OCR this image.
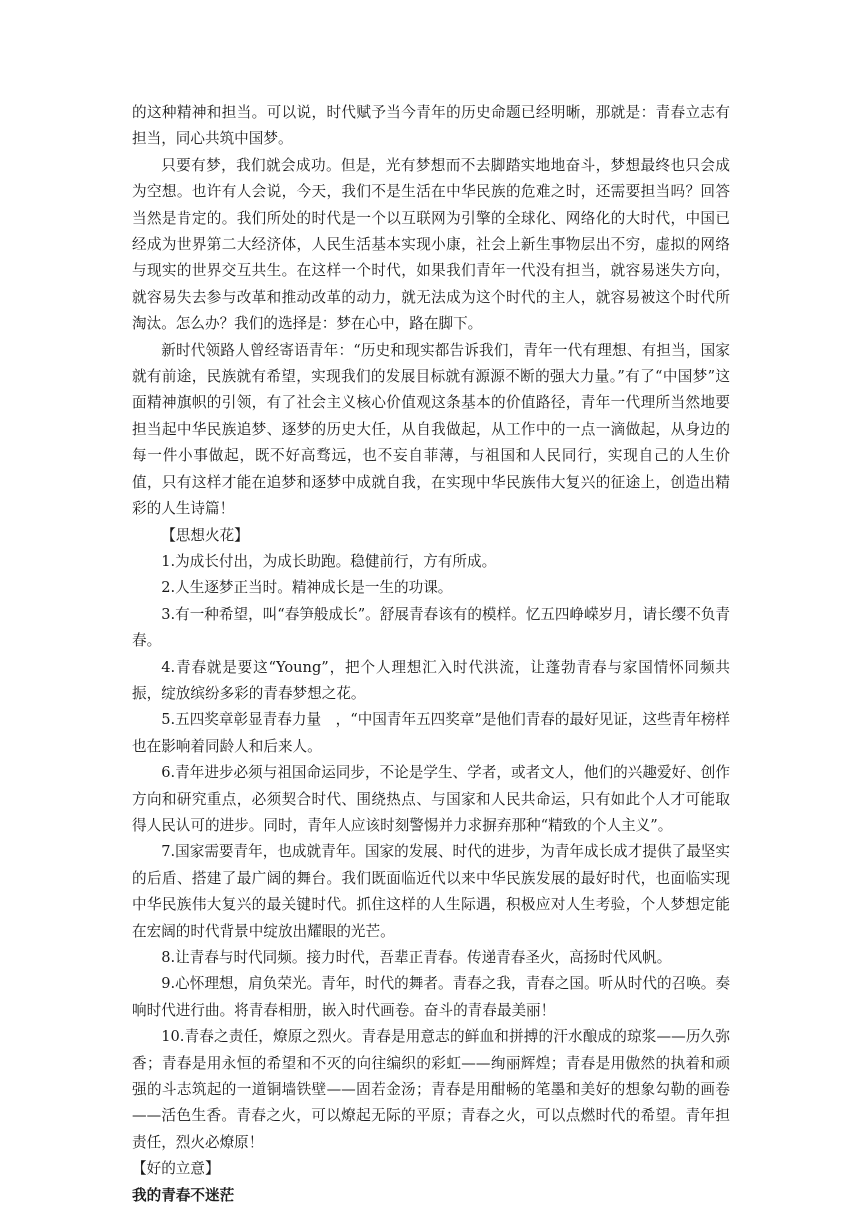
的这种精神和担当。可以说，时代赋予当今青年的历史命题已经明晰，那就是：青春立志有担当，同心共筑中国梦。

只要有梦，我们就会成功。但是，光有梦想而不去脚踏实地地奋斗，梦想最终也只会成为空想。也许有人会说，今天，我们不是生活在中华民族的危难之时，还需要担当吗？回答当然是肯定的。我们所处的时代是一个以互联网为引擎的全球化、网络化的大时代，中国已经成为世界第二大经济体，人民生活基本实现小康，社会上新生事物层出不穷，虚拟的网络与现实的世界交互共生。在这样一个时代，如果我们青年一代没有担当，就容易迷失方向，就容易失去参与改革和推动改革的动力，就无法成为这个时代的主人，就容易被这个时代所淘汰。怎么办？我们的选择是：梦在心中，路在脚下。

新时代领路人曾经寄语青年：“历史和现实都告诉我们，青年一代有理想、有担当，国家就有前途，民族就有希望，实现我们的发展目标就有源源不断的强大力量。”有了“中国梦”这面精神旗帜的引领，有了社会主义核心价值观这条基本的价值路径，青年一代理所当然地要担当起中华民族追梦、逐梦的历史大任，从自我做起，从工作中的一点一滴做起，从身边的每一件小事做起，既不好高骛远，也不妄自菲薄，与祖国和人民同行，实现自己的人生价值，只有这样才能在追梦和逐梦中成就自我，在实现中华民族伟大复兴的征途上，创造出精彩的人生诗篇！

【思想火花】

1.为成长付出，为成长助跑。稳健前行，方有所成。

2.人生逐梦正当时。精神成长是一生的功课。

3.有一种希望，叫“春笋般成长”。舒展青春该有的模样。忆五四峥嵘岁月，请长缨不负青春。

4.青春就是要这“Young”，把个人理想汇入时代洪流，让蓬勃青春与家国情怀同频共振，绽放缤纷多彩的青春梦想之花。

5.五四奖章彰显青春力量　，“中国青年五四奖章”是他们青春的最好见证，这些青年榜样也在影响着同龄人和后来人。

6.青年进步必须与祖国命运同步，不论是学生、学者，或者文人，他们的兴趣爱好、创作方向和研究重点，必须契合时代、围绕热点、与国家和人民共命运，只有如此个人才可能取得人民认可的进步。同时，青年人应该时刻警惕并力求摒弃那种“精致的个人主义”。

7.国家需要青年，也成就青年。国家的发展、时代的进步，为青年成长成才提供了最坚实的后盾、搭建了最广阔的舞台。我们既面临近代以来中华民族发展的最好时代，也面临实现中华民族伟大复兴的最关键时代。抓住这样的人生际遇，积极应对人生考验，个人梦想定能在宏阔的时代背景中绽放出耀眼的光芒。

8.让青春与时代同频。接力时代，吾辈正青春。传递青春圣火，高扬时代风帆。

9.心怀理想，肩负荣光。青年，时代的舞者。青春之我，青春之国。听从时代的召唤。奏响时代进行曲。将青春相册，嵌入时代画卷。奋斗的青春最美丽！

10.青春之责任，燎原之烈火。青春是用意志的鲜血和拼搏的汗水酿成的琼浆——历久弥香；青春是用永恒的希望和不灭的向往编织的彩虹——绚丽辉煌；青春是用傲然的执着和顽强的斗志筑起的一道铜墙铁壁——固若金汤；青春是用酣畅的笔墨和美好的想象勾勒的画卷——活色生香。青春之火，可以燎起无际的平原；青春之火，可以点燃时代的希望。青年担责任，烈火必燎原！

【好的立意】

我的青春不迷茫
